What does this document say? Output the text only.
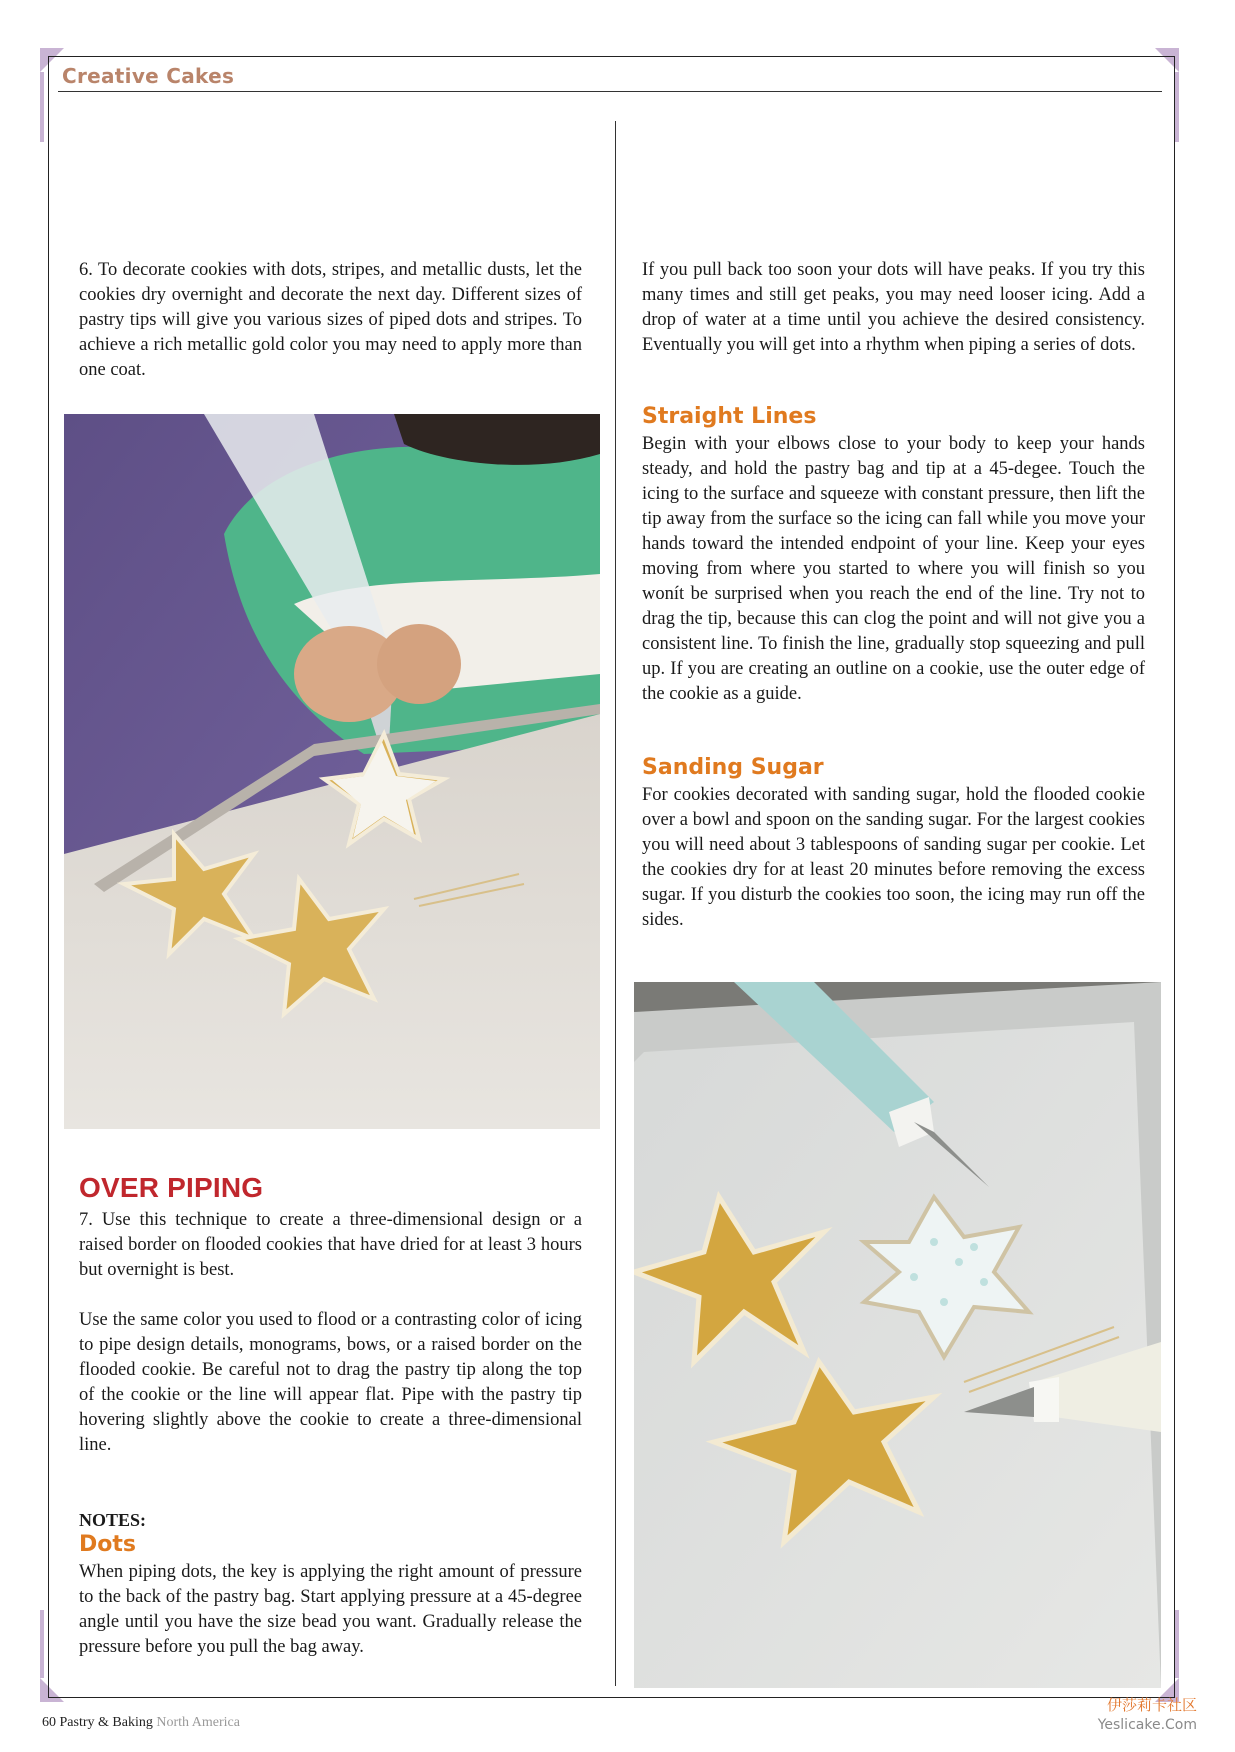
Creative Cakes

6. To decorate cookies with dots, stripes, and metallic dusts, let the cookies dry overnight and decorate the next day. Different sizes of pastry tips will give you various sizes of piped dots and stripes. To achieve a rich metallic gold color you may need to apply more than one coat.

OVER PIPING

7. Use this technique to create a three-dimensional design or a raised border on flooded cookies that have dried for at least 3 hours but overnight is best.

Use the same color you used to flood or a contrasting color of icing to pipe design details, monograms, bows, or a raised border on the flooded cookie. Be careful not to drag the pastry tip along the top of the cookie or the line will appear flat. Pipe with the pastry tip hovering slightly above the cookie to create a three-dimensional line.

NOTES:
Dots

When piping dots, the key is applying the right amount of pressure to the back of the pastry bag. Start applying pressure at a 45-degree angle until you have the size bead you want. Gradually release the pressure before you pull the bag away.

If you pull back too soon your dots will have peaks. If you try this many times and still get peaks, you may need looser icing. Add a drop of water at a time until you achieve the desired consistency. Eventually you will get into a rhythm when piping a series of dots.

Straight Lines

Begin with your elbows close to your body to keep your hands steady, and hold the pastry bag and tip at a 45-degee. Touch the icing to the surface and squeeze with constant pressure, then lift the tip away from the surface so the icing can fall while you move your hands toward the intended endpoint of your line. Keep your eyes moving from where you started to where you will finish so you wonít be surprised when you reach the end of the line. Try not to drag the tip, because this can clog the point and will not give you a consistent line. To finish the line, gradually stop squeezing and pull up. If you are creating an outline on a cookie, use the outer edge of the cookie as a guide.

Sanding Sugar

For cookies decorated with sanding sugar, hold the flooded cookie over a bowl and spoon on the sanding sugar. For the largest cookies you will need about 3 tablespoons of sanding sugar per cookie. Let the cookies dry for at least 20 minutes before removing the excess sugar. If you disturb the cookies too soon, the icing may run off the sides.

60 Pastry & Baking North America
伊莎莉卡社区
Yeslicake.Com
